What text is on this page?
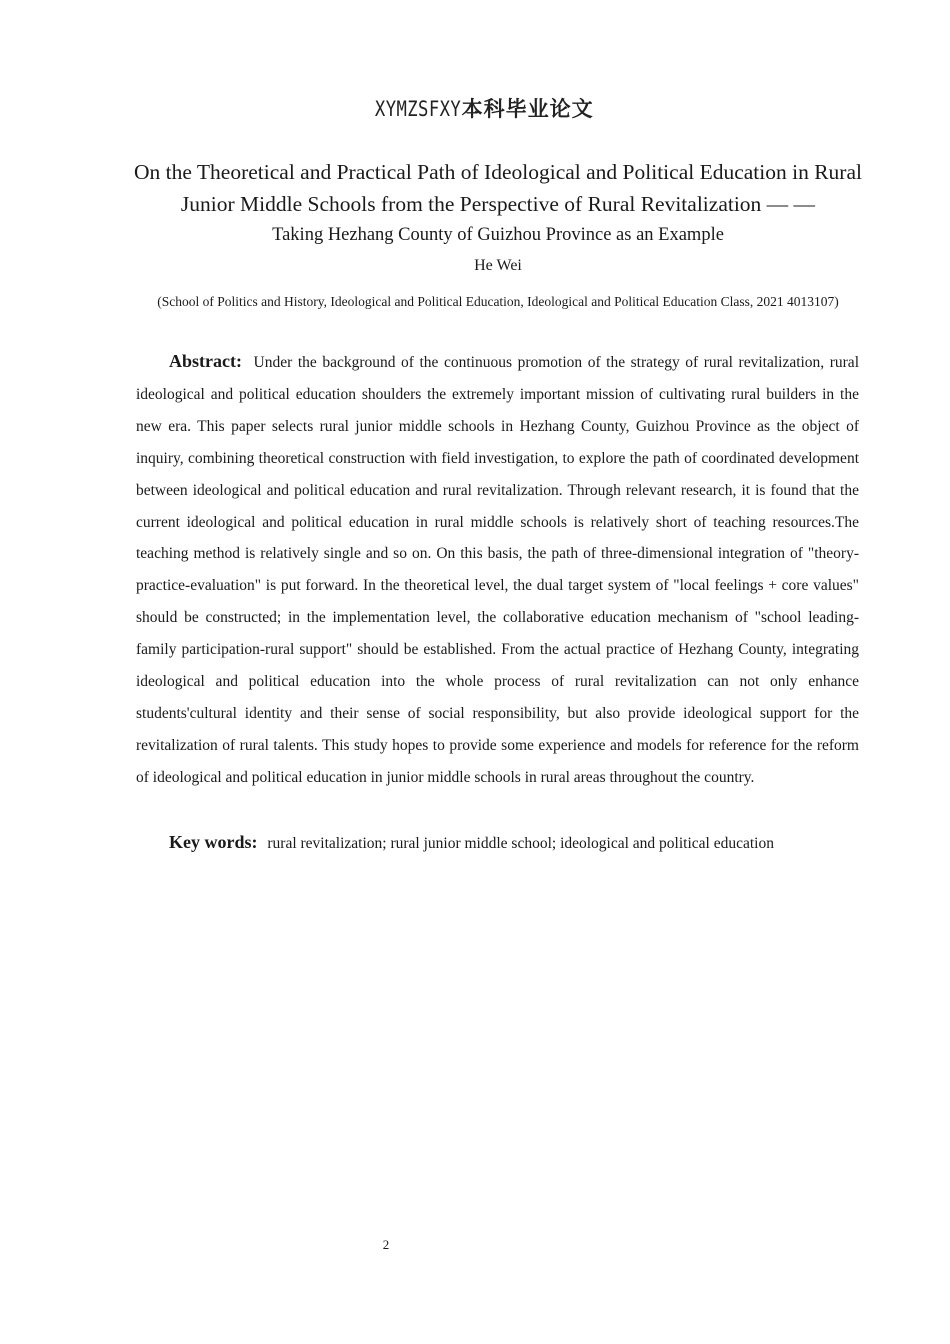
XYMZSFXY本科毕业论文
On the Theoretical and Practical Path of Ideological and Political Education in Rural Junior Middle Schools from the Perspective of Rural Revitalization — —
Taking Hezhang County of Guizhou Province as an Example
He Wei
(School of Politics and History, Ideological and Political Education, Ideological and Political Education Class, 2021 4013107)

Abstract: Under the background of the continuous promotion of the strategy of rural revitalization, rural ideological and political education shoulders the extremely important mission of cultivating rural builders in the new era. This paper selects rural junior middle schools in Hezhang County, Guizhou Province as the object of inquiry, combining theoretical construction with field investigation, to explore the path of coordinated development between ideological and political education and rural revitalization. Through relevant research, it is found that the current ideological and political education in rural middle schools is relatively short of teaching resources.The teaching method is relatively single and so on. On this basis, the path of three-dimensional integration of "theory-practice-evaluation" is put forward. In the theoretical level, the dual target system of "local feelings + core values" should be constructed; in the implementation level, the collaborative education mechanism of "school leading-family participation-rural support" should be established. From the actual practice of Hezhang County, integrating ideological and political education into the whole process of rural revitalization can not only enhance students'cultural identity and their sense of social responsibility, but also provide ideological support for the revitalization of rural talents. This study hopes to provide some experience and models for reference for the reform of ideological and political education in junior middle schools in rural areas throughout the country.

Key words: rural revitalization; rural junior middle school; ideological and political education

2
